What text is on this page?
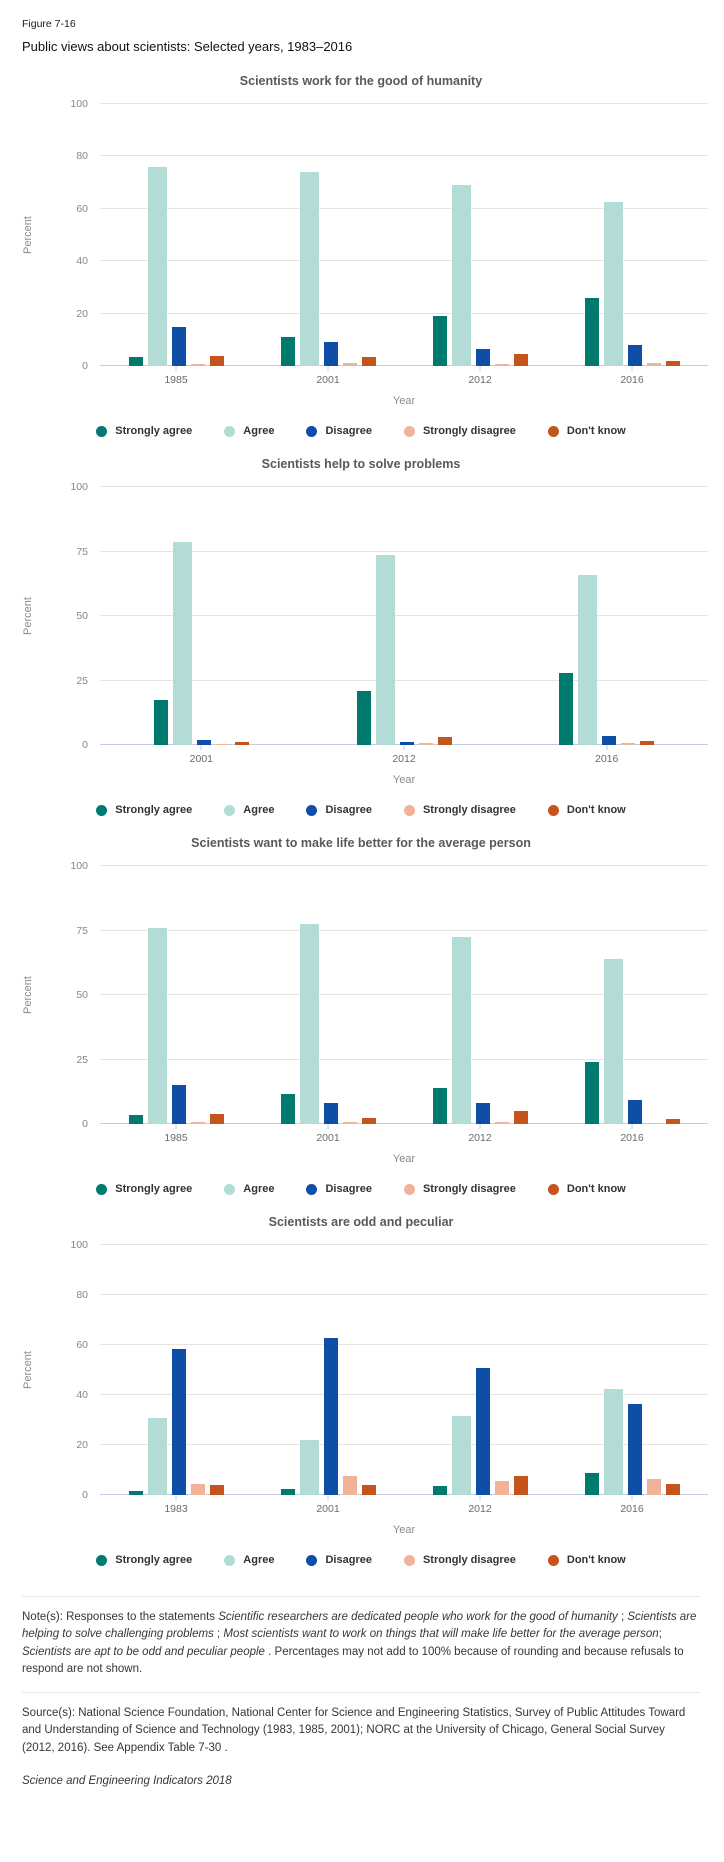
Figure 7-16
Public views about scientists: Selected years, 1983–2016
Scientists work for the good of humanity
Percent
0
20
40
60
80
100
1985	2001	2012	2016
Year
Strongly agree	Agree	Disagree	Strongly disagree	Don't know
Scientists help to solve problems
Percent
0
25
50
75
100
2001	2012	2016
Year
Strongly agree	Agree	Disagree	Strongly disagree	Don't know
Scientists want to make life better for the average person
Percent
0
25
50
75
100
1985	2001	2012	2016
Year
Strongly agree	Agree	Disagree	Strongly disagree	Don't know
Scientists are odd and peculiar
Percent
0
20
40
60
80
100
1983	2001	2012	2016
Year
Strongly agree	Agree	Disagree	Strongly disagree	Don't know
Note(s): Responses to the statements Scientific researchers are dedicated people who work for the good of humanity ; Scientists are helping to solve challenging problems ; Most scientists want to work on things that will make life better for the average person; Scientists are apt to be odd and peculiar people . Percentages may not add to 100% because of rounding and because refusals to respond are not shown.
Source(s): National Science Foundation, National Center for Science and Engineering Statistics, Survey of Public Attitudes Toward and Understanding of Science and Technology (1983, 1985, 2001); NORC at the University of Chicago, General Social Survey (2012, 2016). See Appendix Table 7-30 .
Science and Engineering Indicators 2018
